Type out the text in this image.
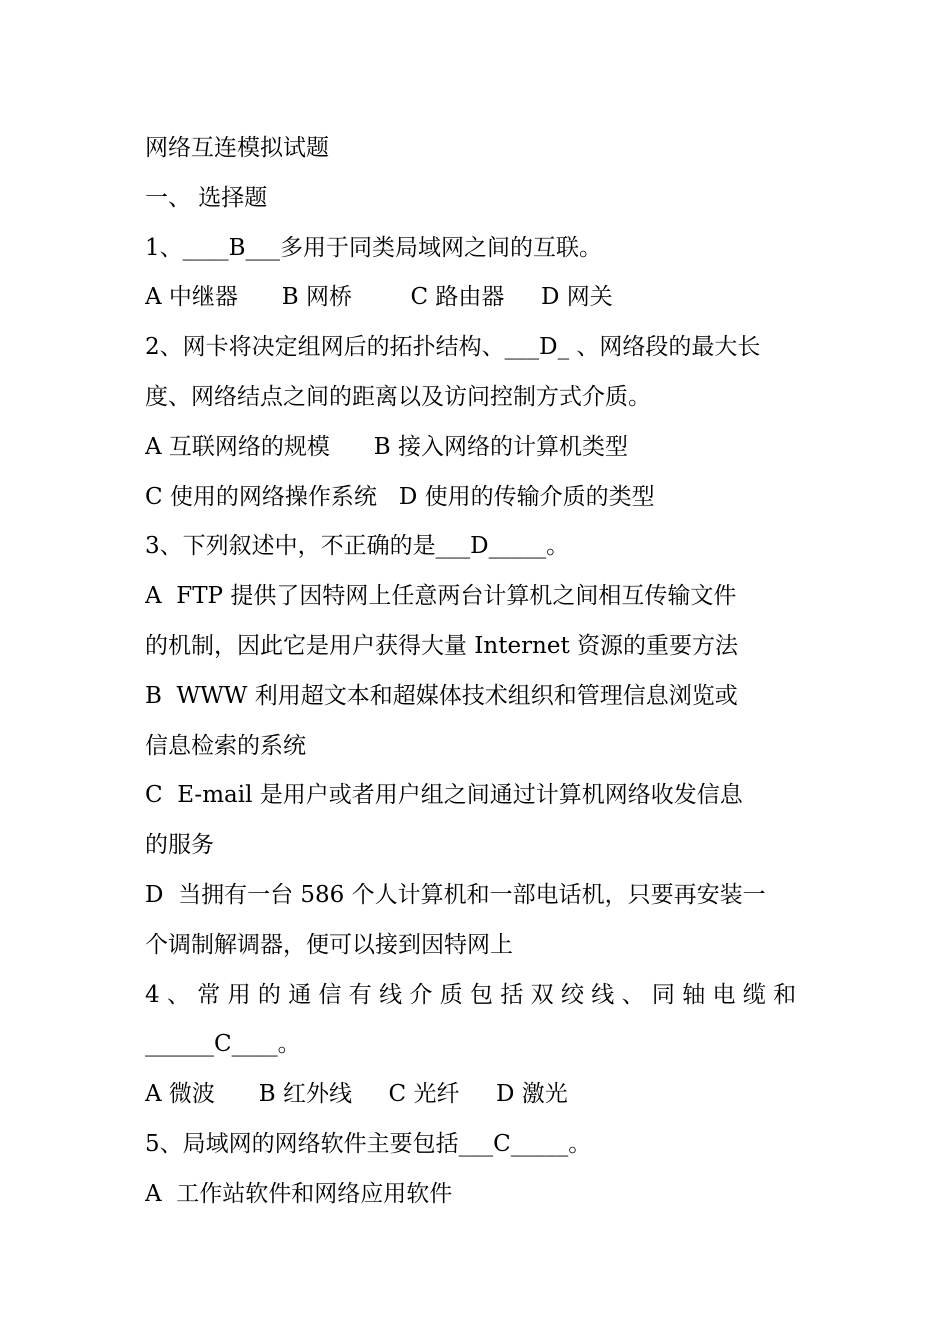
网络互连模拟试题
一、 选择题
1、____B___多用于同类局域网之间的互联。
A 中继器      B 网桥        C 路由器     D 网关
2、网卡将决定组网后的拓扑结构、___D_ 、网络段的最大长
度、网络结点之间的距离以及访问控制方式介质。
A 互联网络的规模      B 接入网络的计算机类型
C 使用的网络操作系统   D 使用的传输介质的类型
3、下列叙述中，不正确的是___D_____。
A  FTP 提供了因特网上任意两台计算机之间相互传输文件
的机制，因此它是用户获得大量 Internet 资源的重要方法
B  WWW 利用超文本和超媒体技术组织和管理信息浏览或
信息检索的系统
C  E-mail 是用户或者用户组之间通过计算机网络收发信息
的服务
D  当拥有一台 586 个人计算机和一部电话机，只要再安装一
个调制解调器，便可以接到因特网上
4 、 常 用 的 通 信 有 线 介 质 包 括 双 绞 线 、 同 轴 电 缆 和
______C____。
A 微波      B 红外线     C 光纤     D 激光
5、局域网的网络软件主要包括___C_____。
A  工作站软件和网络应用软件
